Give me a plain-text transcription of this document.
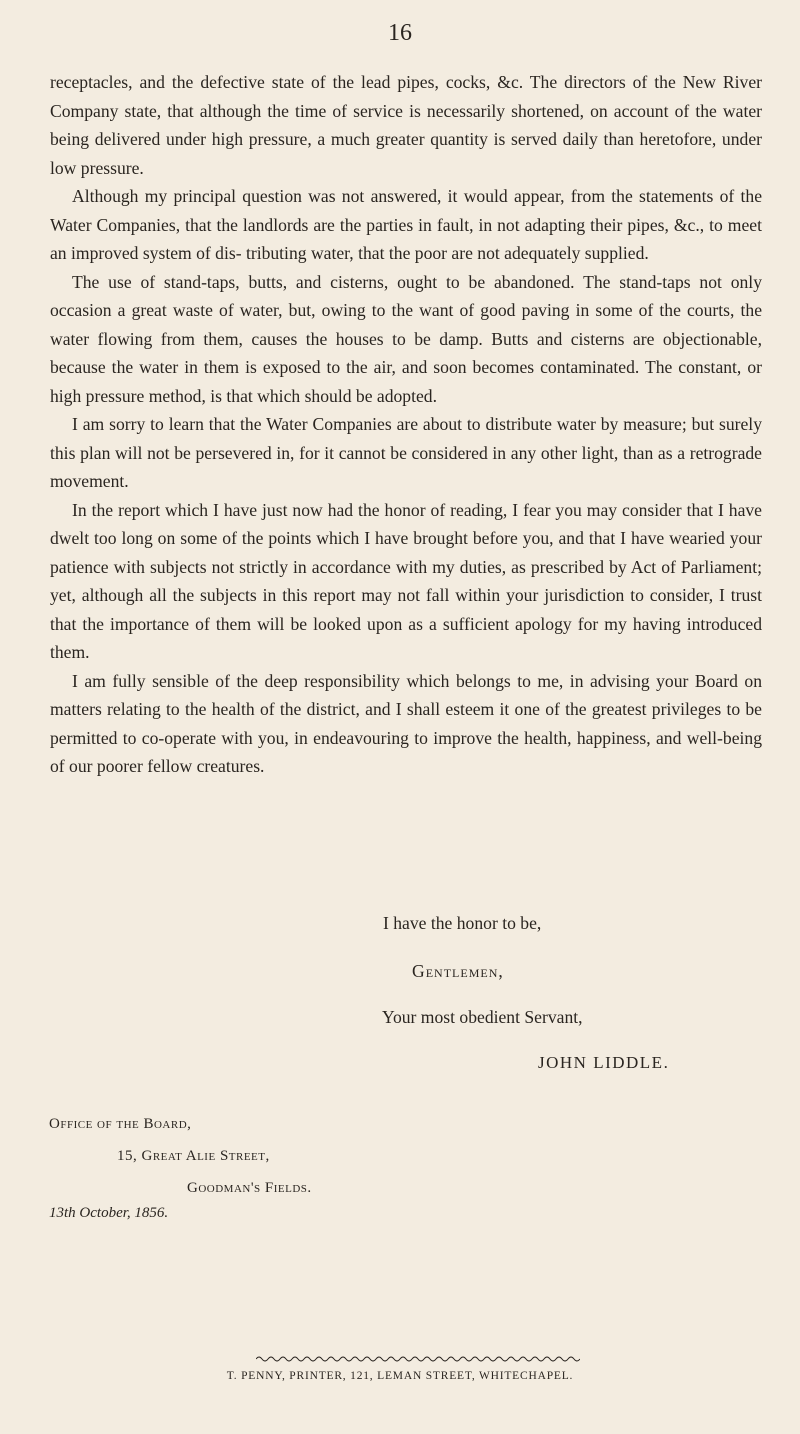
16

receptacles, and the defective state of the lead pipes, cocks, &c. The directors of the New River Company state, that although the time of service is necessarily shortened, on account of the water being delivered under high pressure, a much greater quantity is served daily than heretofore, under low pressure.

Although my principal question was not answered, it would appear, from the statements of the Water Companies, that the landlords are the parties in fault, in not adapting their pipes, &c., to meet an improved system of dis- tributing water, that the poor are not adequately supplied.

The use of stand-taps, butts, and cisterns, ought to be abandoned. The stand-taps not only occasion a great waste of water, but, owing to the want of good paving in some of the courts, the water flowing from them, causes the houses to be damp. Butts and cisterns are objectionable, because the water in them is exposed to the air, and soon becomes contaminated. The constant, or high pressure method, is that which should be adopted.

I am sorry to learn that the Water Companies are about to distribute water by measure; but surely this plan will not be persevered in, for it cannot be considered in any other light, than as a retrograde movement.

In the report which I have just now had the honor of reading, I fear you may consider that I have dwelt too long on some of the points which I have brought before you, and that I have wearied your patience with subjects not strictly in accordance with my duties, as prescribed by Act of Parliament; yet, although all the subjects in this report may not fall within your jurisdiction to consider, I trust that the importance of them will be looked upon as a sufficient apology for my having introduced them.

I am fully sensible of the deep responsibility which belongs to me, in advising your Board on matters relating to the health of the district, and I shall esteem it one of the greatest privileges to be permitted to co-operate with you, in endeavouring to improve the health, happiness, and well-being of our poorer fellow creatures.

I have the honor to be,
Gentlemen,
Your most obedient Servant,
JOHN LIDDLE.
Office of the Board,
15, Great Alie Street,
Goodman's Fields.
13th October, 1856.
T. PENNY, PRINTER, 121, LEMAN STREET, WHITECHAPEL.
